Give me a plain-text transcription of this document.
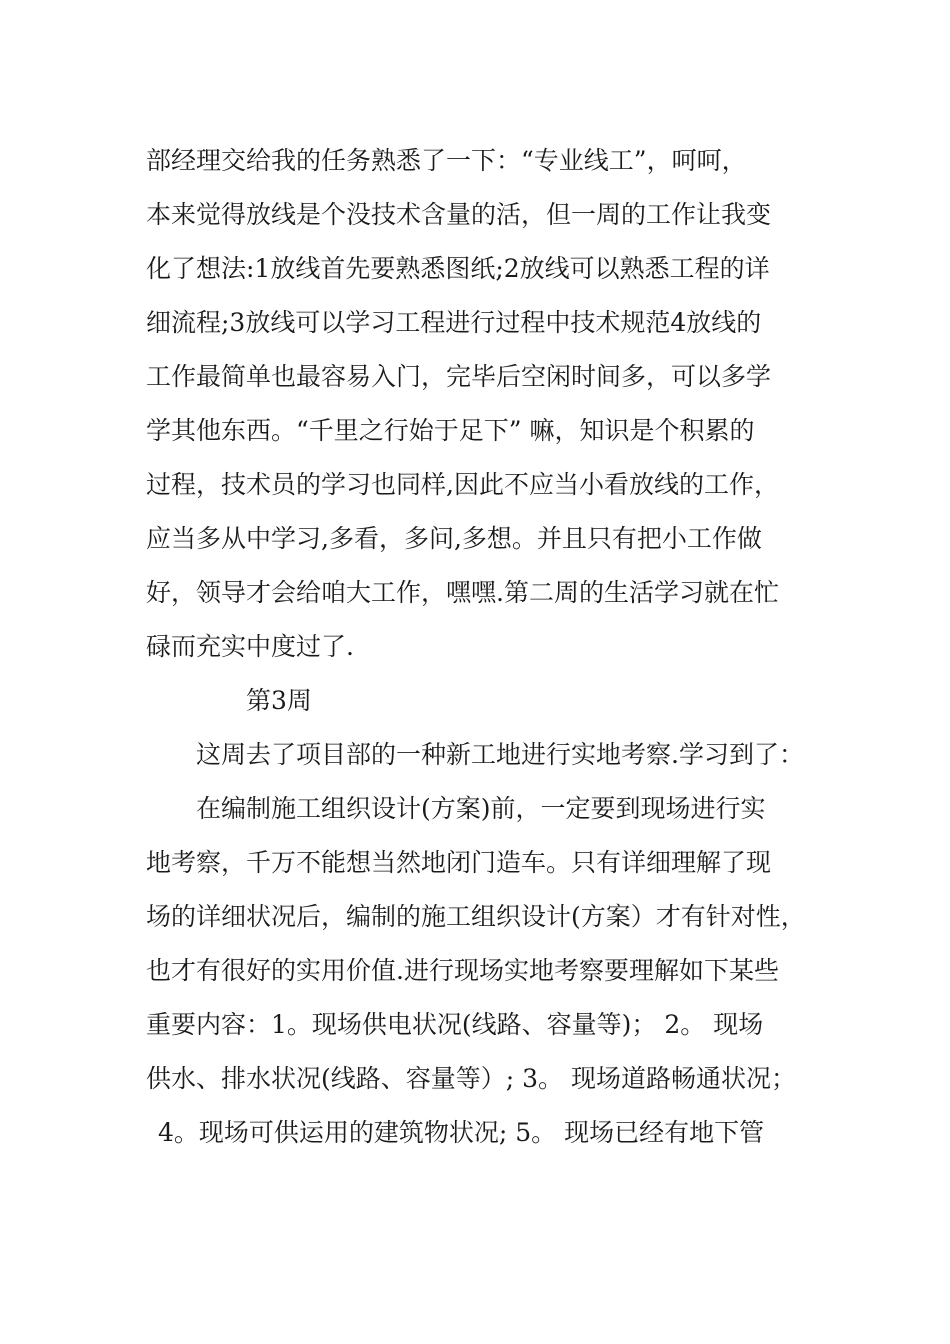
部经理交给我的任务熟悉了一下：“专业线工”，呵呵，
本来觉得放线是个没技术含量的活，但一周的工作让我变
化了想法:1放线首先要熟悉图纸;2放线可以熟悉工程的详
细流程;3放线可以学习工程进行过程中技术规范4放线的
工作最简单也最容易入门，完毕后空闲时间多，可以多学
学其他东西。“千里之行始于足下” 嘛，知识是个积累的
过程，技术员的学习也同样,因此不应当小看放线的工作，
应当多从中学习,多看，多问,多想。并且只有把小工作做
好，领导才会给咱大工作，嘿嘿.第二周的生活学习就在忙
碌而充实中度过了.
第3周
这周去了项目部的一种新工地进行实地考察.学习到了：
在编制施工组织设计(方案)前，一定要到现场进行实
地考察，千万不能想当然地闭门造车。只有详细理解了现
场的详细状况后，编制的施工组织设计(方案）才有针对性，
也才有很好的实用价值.进行现场实地考察要理解如下某些
重要内容：1。现场供电状况(线路、容量等)； 2。 现场
供水、排水状况(线路、容量等）; 3。 现场道路畅通状况；
4。现场可供运用的建筑物状况; 5。 现场已经有地下管
